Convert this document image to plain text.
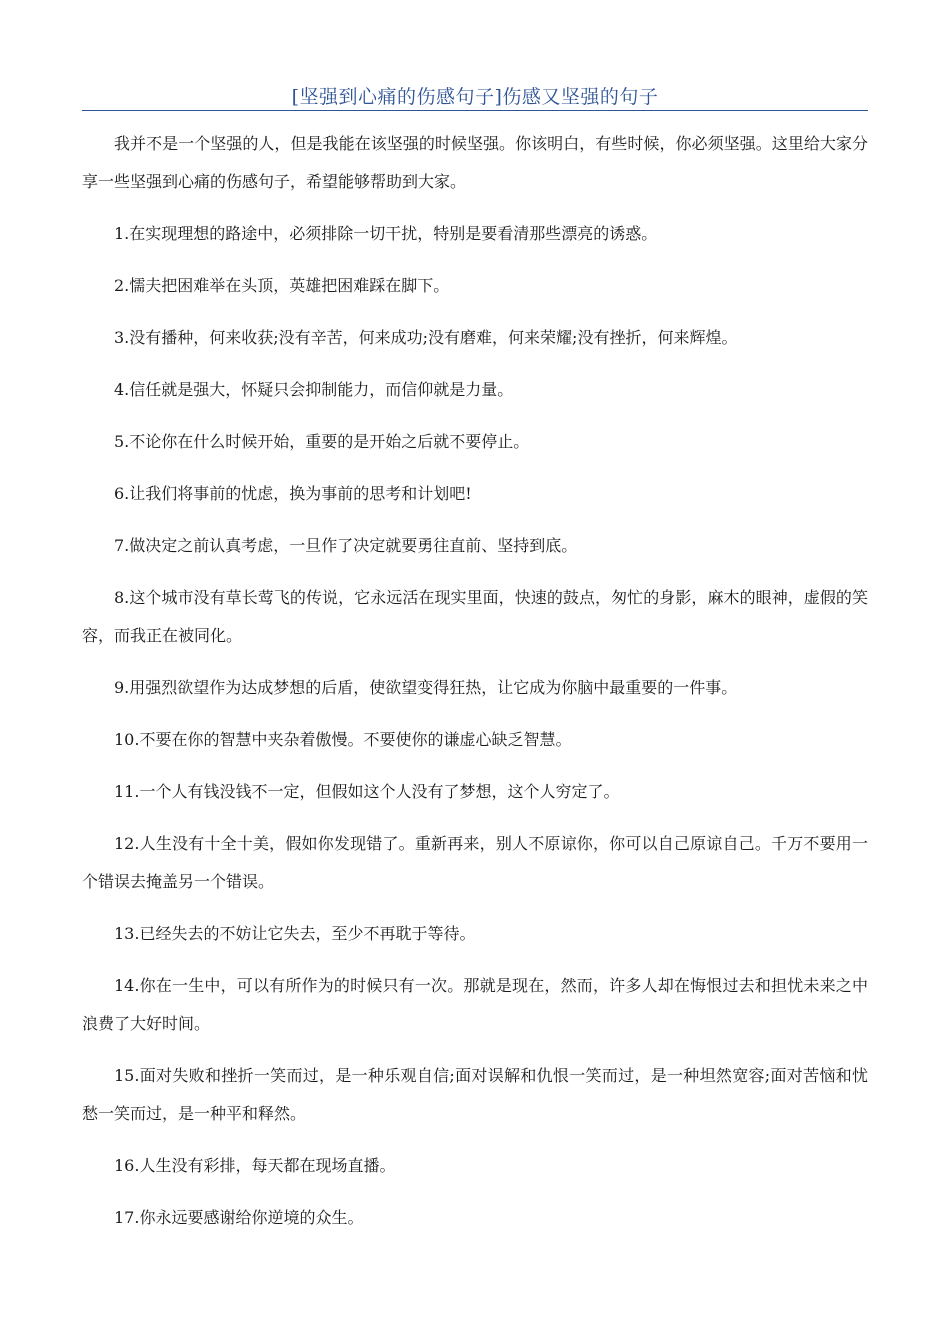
[坚强到心痛的伤感句子]伤感又坚强的句子

我并不是一个坚强的人，但是我能在该坚强的时候坚强。你该明白，有些时候，你必须坚强。这里给大家分享一些坚强到心痛的伤感句子，希望能够帮助到大家。

1.在实现理想的路途中，必须排除一切干扰，特别是要看清那些漂亮的诱惑。

2.懦夫把困难举在头顶，英雄把困难踩在脚下。

3.没有播种，何来收获;没有辛苦，何来成功;没有磨难，何来荣耀;没有挫折，何来辉煌。

4.信任就是强大，怀疑只会抑制能力，而信仰就是力量。

5.不论你在什么时候开始，重要的是开始之后就不要停止。

6.让我们将事前的忧虑，换为事前的思考和计划吧!

7.做决定之前认真考虑，一旦作了决定就要勇往直前、坚持到底。

8.这个城市没有草长莺飞的传说，它永远活在现实里面，快速的鼓点，匆忙的身影，麻木的眼神，虚假的笑容，而我正在被同化。

9.用强烈欲望作为达成梦想的后盾，使欲望变得狂热，让它成为你脑中最重要的一件事。

10.不要在你的智慧中夹杂着傲慢。不要使你的谦虚心缺乏智慧。

11.一个人有钱没钱不一定，但假如这个人没有了梦想，这个人穷定了。

12.人生没有十全十美，假如你发现错了。重新再来，别人不原谅你，你可以自己原谅自己。千万不要用一个错误去掩盖另一个错误。

13.已经失去的不妨让它失去，至少不再耽于等待。

14.你在一生中，可以有所作为的时候只有一次。那就是现在，然而，许多人却在悔恨过去和担忧未来之中浪费了大好时间。

15.面对失败和挫折一笑而过，是一种乐观自信;面对误解和仇恨一笑而过，是一种坦然宽容;面对苦恼和忧愁一笑而过，是一种平和释然。

16.人生没有彩排，每天都在现场直播。

17.你永远要感谢给你逆境的众生。
